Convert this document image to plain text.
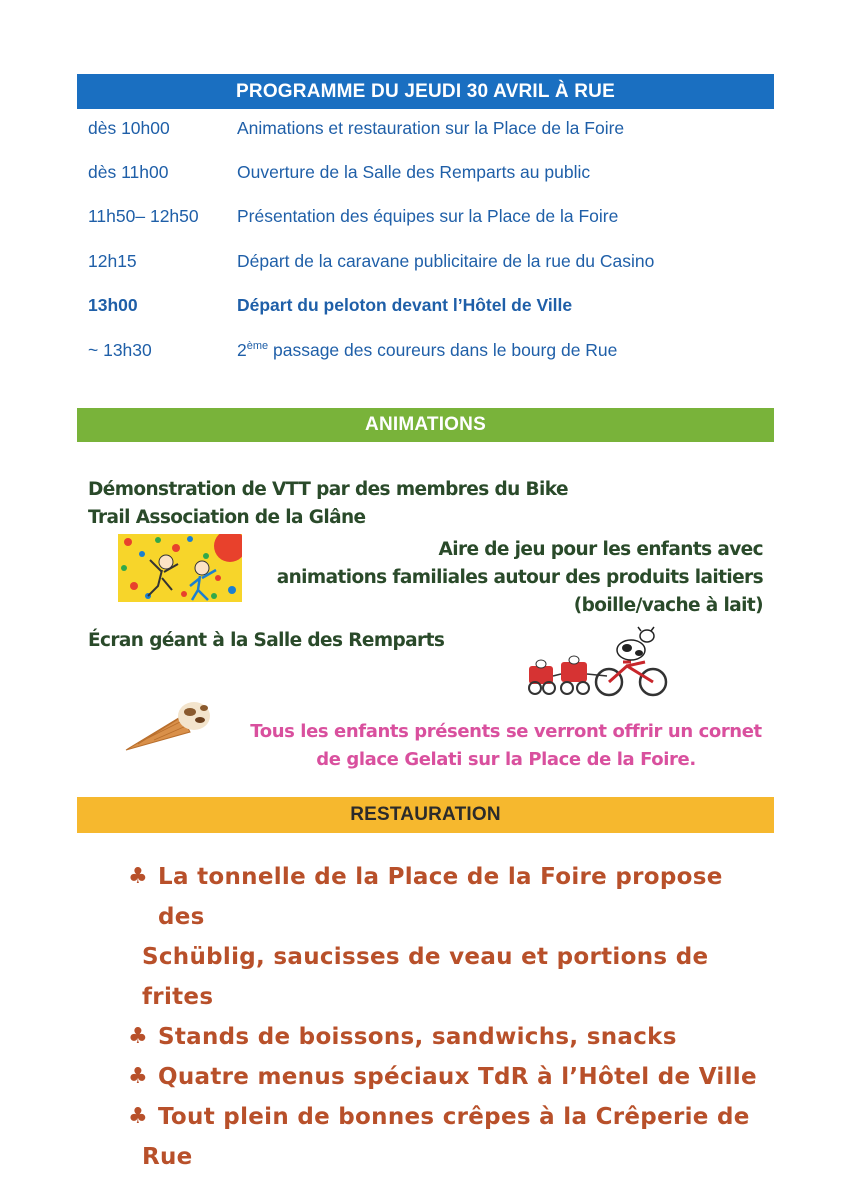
PROGRAMME DU JEUDI 30 AVRIL À RUE
dès 10h00	Animations et restauration sur la Place de la Foire
dès 11h00	Ouverture de la Salle des Remparts au public
11h50– 12h50 Présentation des équipes sur la Place de la Foire
12h15	Départ de la caravane publicitaire de la rue du Casino
13h00	Départ du peloton devant l’Hôtel de Ville
~ 13h30	2ème passage des coureurs dans le bourg de Rue
ANIMATIONS
Démonstration de VTT par des membres du Bike
Trail Association de la Glâne
Aire de jeu pour les enfants avec
animations familiales autour des produits laitiers
(boille/vache à lait)
Écran géant à la Salle des Remparts
Tous les enfants présents se verront offrir un cornet
de glace Gelati sur la Place de la Foire.
RESTAURATION
♣ La tonnelle de la Place de la Foire propose des
Schüblig, saucisses de veau et portions de frites
♣ Stands de boissons, sandwichs, snacks
♣ Quatre menus spéciaux TdR à l’Hôtel de Ville
♣ Tout plein de bonnes crêpes à la Crêperie de
Rue
